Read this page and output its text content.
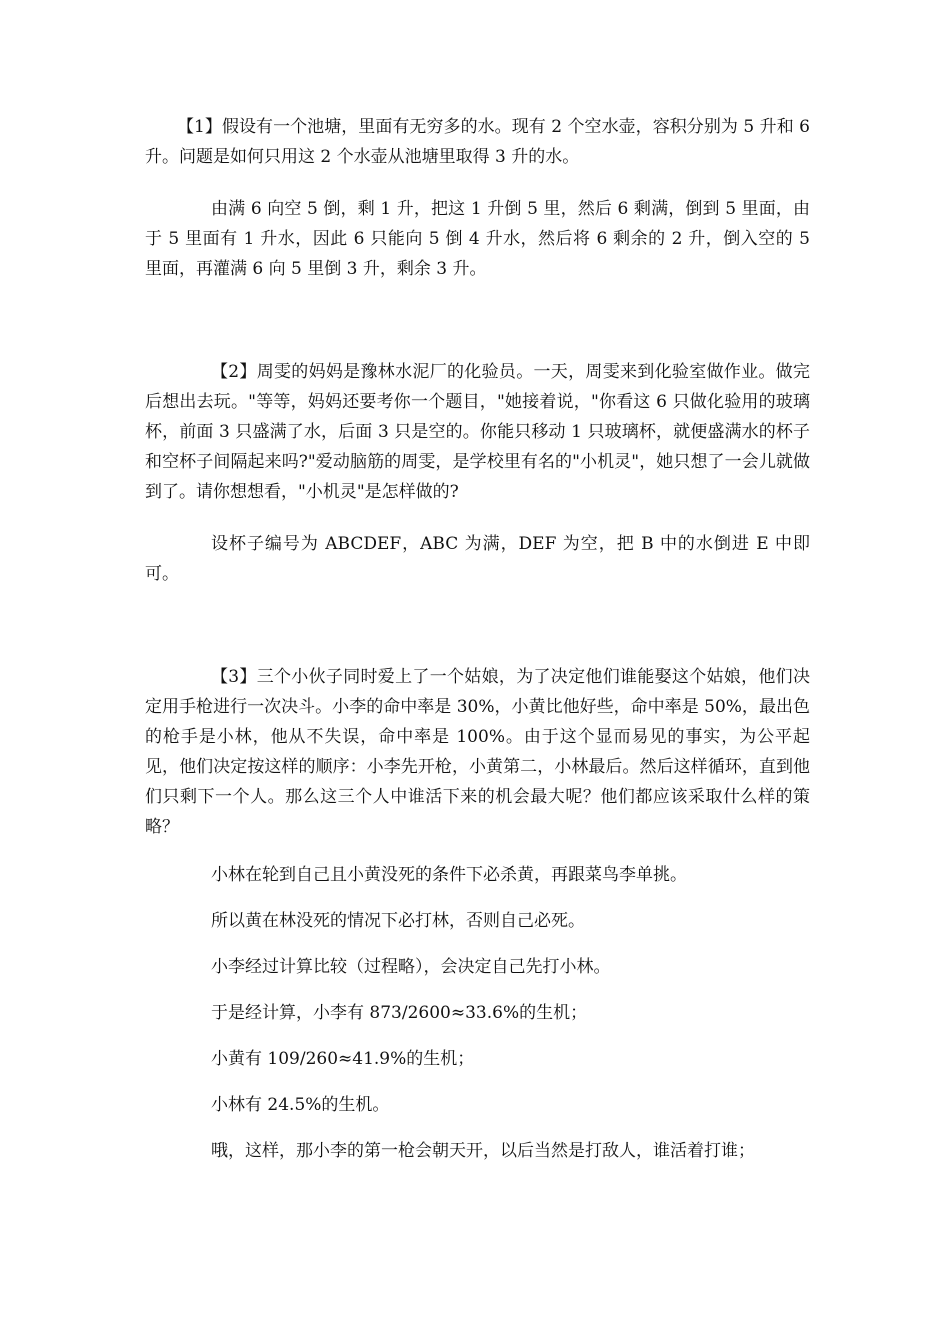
【1】假设有一个池塘，里面有无穷多的水。现有 2 个空水壶，容积分别为 5 升和 6 升。问题是如何只用这 2 个水壶从池塘里取得 3 升的水。

由满 6 向空 5 倒，剩 1 升，把这 1 升倒 5 里，然后 6 剩满，倒到 5 里面，由于 5 里面有 1 升水，因此 6 只能向 5 倒 4 升水，然后将 6 剩余的 2 升，倒入空的 5 里面，再灌满 6 向 5 里倒 3 升，剩余 3 升。

【2】周雯的妈妈是豫林水泥厂的化验员。一天，周雯来到化验室做作业。做完后想出去玩。"等等，妈妈还要考你一个题目，"她接着说，"你看这 6 只做化验用的玻璃杯，前面 3 只盛满了水，后面 3 只是空的。你能只移动 1 只玻璃杯，就便盛满水的杯子和空杯子间隔起来吗?"爱动脑筋的周雯，是学校里有名的"小机灵"，她只想了一会儿就做到了。请你想想看，"小机灵"是怎样做的?

设杯子编号为 ABCDEF，ABC 为满，DEF 为空，把 B 中的水倒进 E 中即可。

【3】三个小伙子同时爱上了一个姑娘，为了决定他们谁能娶这个姑娘，他们决定用手枪进行一次决斗。小李的命中率是 30%，小黄比他好些，命中率是 50%，最出色的枪手是小林，他从不失误，命中率是 100%。由于这个显而易见的事实，为公平起见，他们决定按这样的顺序：小李先开枪，小黄第二，小林最后。然后这样循环，直到他们只剩下一个人。那么这三个人中谁活下来的机会最大呢？他们都应该采取什么样的策略？

小林在轮到自己且小黄没死的条件下必杀黄，再跟菜鸟李单挑。

所以黄在林没死的情况下必打林，否则自己必死。

小李经过计算比较（过程略），会决定自己先打小林。

于是经计算，小李有 873/2600≈33.6%的生机；

小黄有 109/260≈41.9%的生机；

小林有 24.5%的生机。

哦，这样，那小李的第一枪会朝天开，以后当然是打敌人，谁活着打谁；
